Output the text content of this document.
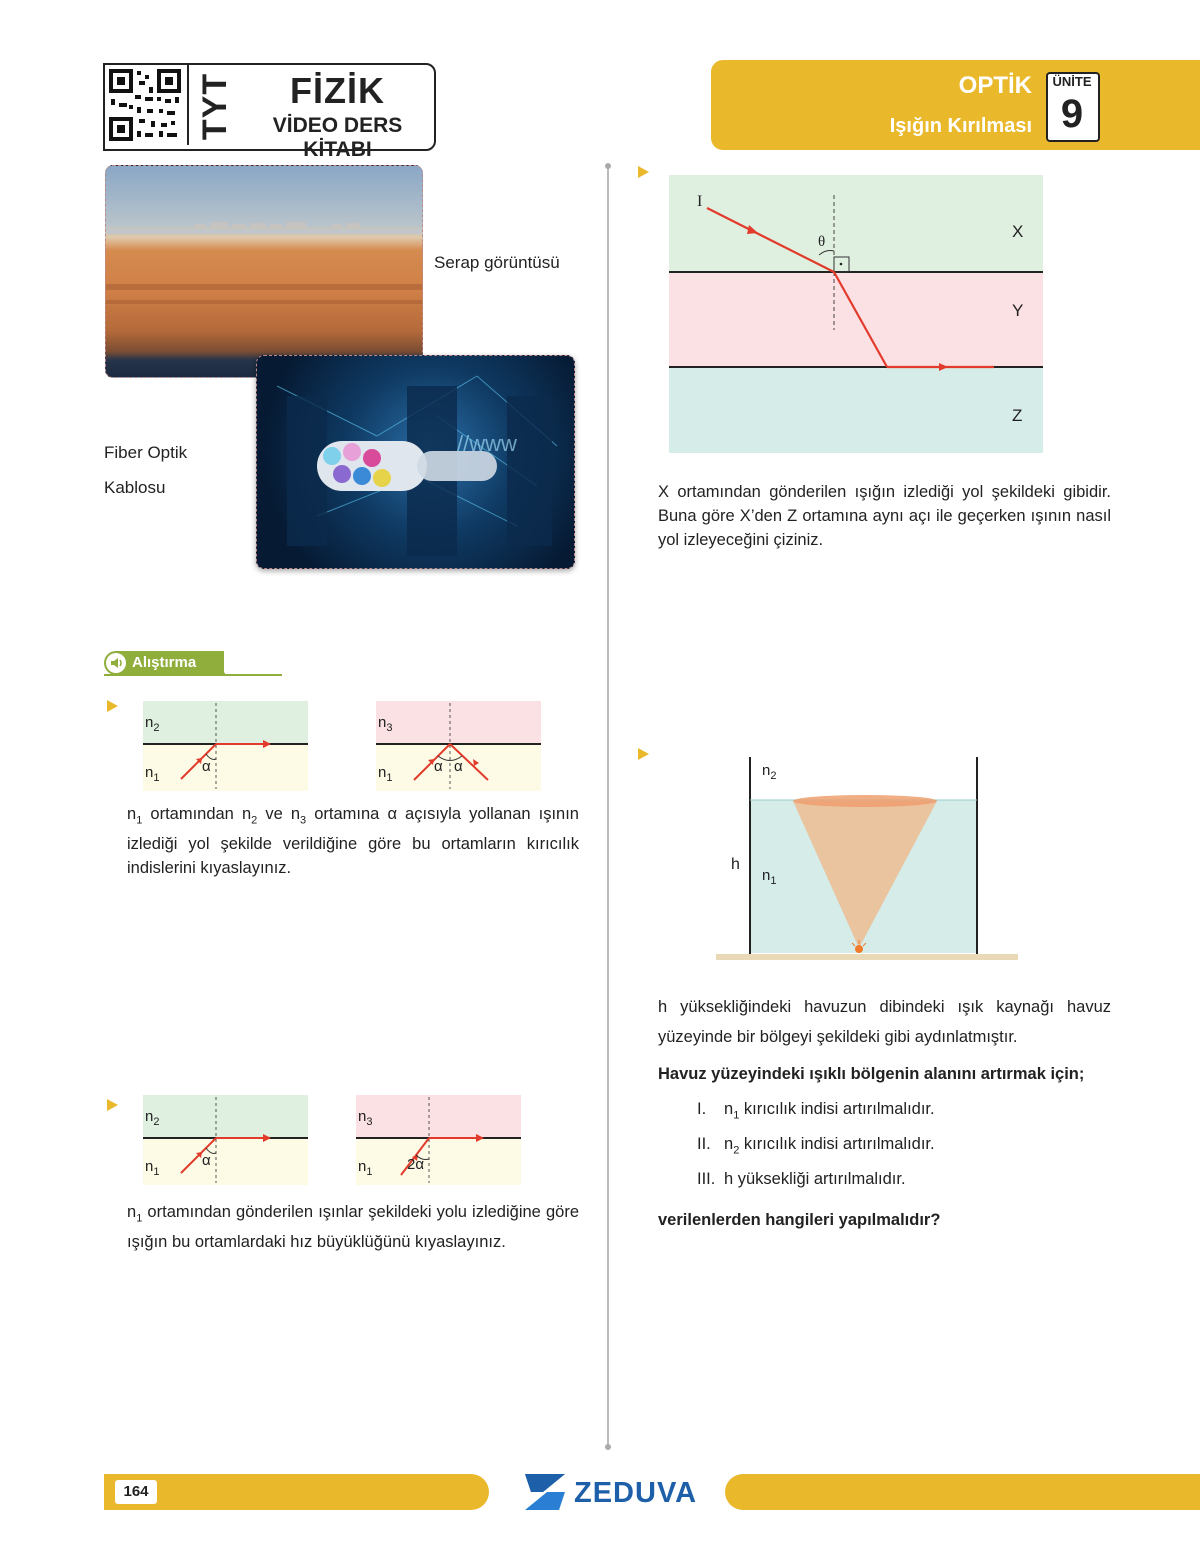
TYT	FİZİK
VİDEO DERS KİTABI
OPTİK
Işığın Kırılması
ÜNİTE
9
Serap görüntüsü
//www
Fiber Optik
Kablosu
Alıştırma
$n_2$
$n_1$
α
$n_3$
$n_1$
α α
$n_1$ ortamından $n_2$ ve $n_3$ ortamına α açısıyla yollanan ışının izlediği yol şekilde verildiğine göre bu ortamların kırıcılık indislerini kıyaslayınız.
$n_2$
$n_1$
α
$n_3$
$n_1$ 2α
$n_1$ ortamından gönderilen ışınlar şekildeki yolu izlediğine göre ışığın bu ortamlardaki hız büyüklüğünü kıyaslayınız.
I
θ
X
Y
Z
X ortamından gönderilen ışığın izlediği yol şekildeki gibidir. Buna göre X’den Z ortamına aynı açı ile geçerken ışının nasıl yol izleyeceğini çiziniz.
$n_2$
$n_1$
h
h yüksekliğindeki havuzun dibindeki ışık kaynağı havuz yüzeyinde bir bölgeyi şekildeki gibi aydınlatmıştır.
Havuz yüzeyindeki ışıklı bölgenin alanını artırmak için;
I. $n_1$ kırıcılık indisi artırılmalıdır.
II. $n_2$ kırıcılık indisi artırılmalıdır.
III. h yüksekliği artırılmalıdır.
verilenlerden hangileri yapılmalıdır?
164	ZEDUVA
